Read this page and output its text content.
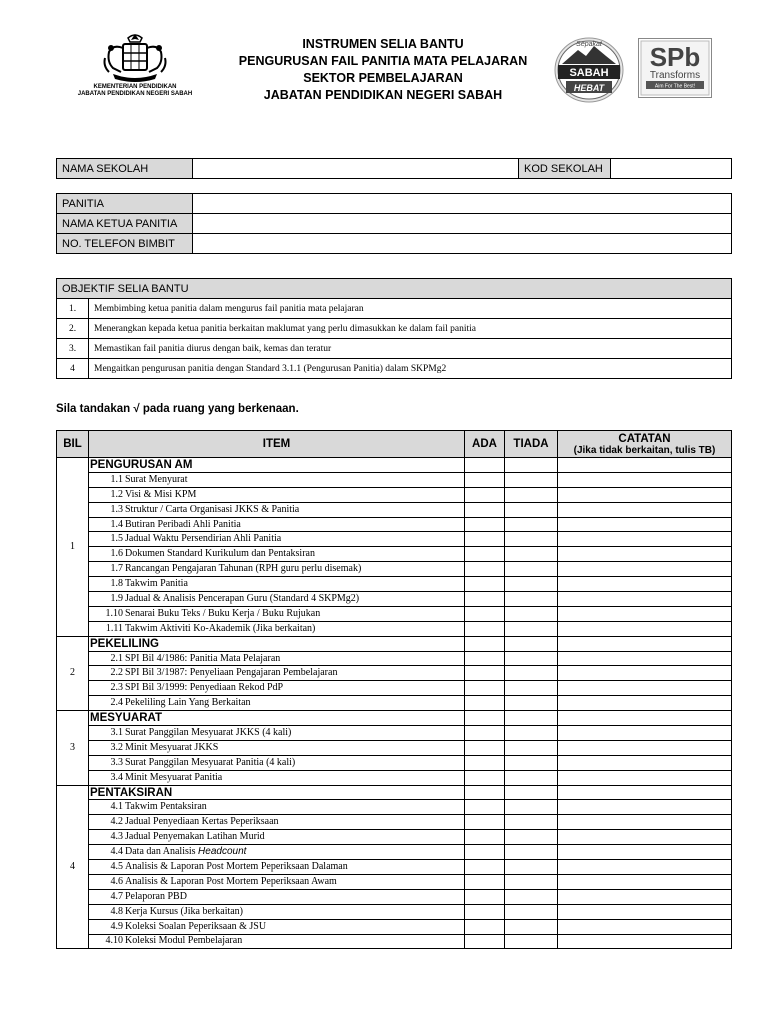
KEMENTERIAN PENDIDIKAN
JABATAN PENDIDIKAN NEGERI SABAH
INSTRUMEN SELIA BANTU
PENGURUSAN FAIL PANITIA MATA PELAJARAN
SEKTOR PEMBELAJARAN
JABATAN PENDIDIKAN NEGERI SABAH
Sepakat
SABAH
HEBAT
SPb
Transforms
Aim For The Best!
NAMA SEKOLAH		KOD SEKOLAH	
PANITIA	
NAMA KETUA PANITIA	
NO. TELEFON BIMBIT	
OBJEKTIF SELIA BANTU	
1.	Membimbing ketua panitia dalam mengurus fail panitia mata pelajaran
2.	Menerangkan kepada ketua panitia berkaitan maklumat yang perlu dimasukkan ke dalam fail panitia
3.	Memastikan fail panitia diurus dengan baik, kemas dan teratur
4	Mengaitkan pengurusan panitia dengan Standard 3.1.1 (Pengurusan Panitia) dalam SKPMg2
Sila tandakan √ pada ruang yang berkenaan.
BIL	ITEM	ADA	TIADA	CATATAN
(Jika tidak berkaitan, tulis TB)

1	PENGURUSAN AM			
	1.1 Surat Menyurat			
	1.2 Visi & Misi KPM			
	1.3 Struktur / Carta Organisasi JKKS & Panitia			
	1.4 Butiran Peribadi Ahli Panitia			
	1.5 Jadual Waktu Persendirian Ahli Panitia			
	1.6 Dokumen Standard Kurikulum dan Pentaksiran			
	1.7 Rancangan Pengajaran Tahunan (RPH guru perlu disemak)			
	1.8 Takwim Panitia			
	1.9 Jadual & Analisis Pencerapan Guru (Standard 4 SKPMg2)			
	1.10 Senarai Buku Teks / Buku Kerja / Buku Rujukan			
	1.11 Takwim Aktiviti Ko-Akademik (Jika berkaitan)			
2	PEKELILING			
	2.1 SPI Bil 4/1986: Panitia Mata Pelajaran			
	2.2 SPI Bil 3/1987: Penyeliaan Pengajaran Pembelajaran			
	2.3 SPI Bil 3/1999: Penyediaan Rekod PdP			
	2.4 Pekeliling Lain Yang Berkaitan			
3	MESYUARAT			
	3.1 Surat Panggilan Mesyuarat JKKS (4 kali)			
	3.2 Minit Mesyuarat JKKS			
	3.3 Surat Panggilan Mesyuarat Panitia (4 kali)			
	3.4 Minit Mesyuarat Panitia			
4	PENTAKSIRAN			
	4.1 Takwim Pentaksiran			
	4.2 Jadual Penyediaan Kertas Peperiksaan			
	4.3 Jadual Penyemakan Latihan Murid			
	4.4 Data dan Analisis Headcount			
	4.5 Analisis & Laporan Post Mortem Peperiksaan Dalaman			
	4.6 Analisis & Laporan Post Mortem Peperiksaan Awam			
	4.7 Pelaporan PBD			
	4.8 Kerja Kursus (Jika berkaitan)			
	4.9 Koleksi Soalan Peperiksaan & JSU			
	4.10 Koleksi Modul Pembelajaran			
